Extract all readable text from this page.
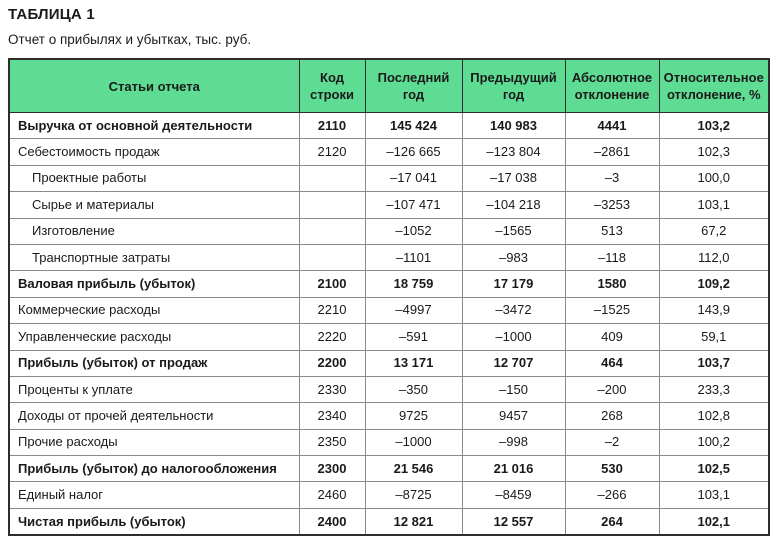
ТАБЛИЦА 1
Отчет о прибылях и убытках, тыс. руб.
Статьи отчета	Код строки	Последний год	Предыдущий год	Абсолютное отклонение	Относительное отклонение, %
Выручка от основной деятельности	2110	145 424	140 983	4441	103,2
Себестоимость продаж	2120	–126 665	–123 804	–2861	102,3
Проектные работы		–17 041	–17 038	–3	100,0
Сырье и материалы		–107 471	–104 218	–3253	103,1
Изготовление		–1052	–1565	513	67,2
Транспортные затраты		–1101	–983	–118	112,0
Валовая прибыль (убыток)	2100	18 759	17 179	1580	109,2
Коммерческие расходы	2210	–4997	–3472	–1525	143,9
Управленческие расходы	2220	–591	–1000	409	59,1
Прибыль (убыток) от продаж	2200	13 171	12 707	464	103,7
Проценты к уплате	2330	–350	–150	–200	233,3
Доходы от прочей деятельности	2340	9725	9457	268	102,8
Прочие расходы	2350	–1000	–998	–2	100,2
Прибыль (убыток) до налогообложения	2300	21 546	21 016	530	102,5
Единый налог	2460	–8725	–8459	–266	103,1
Чистая прибыль (убыток)	2400	12 821	12 557	264	102,1
